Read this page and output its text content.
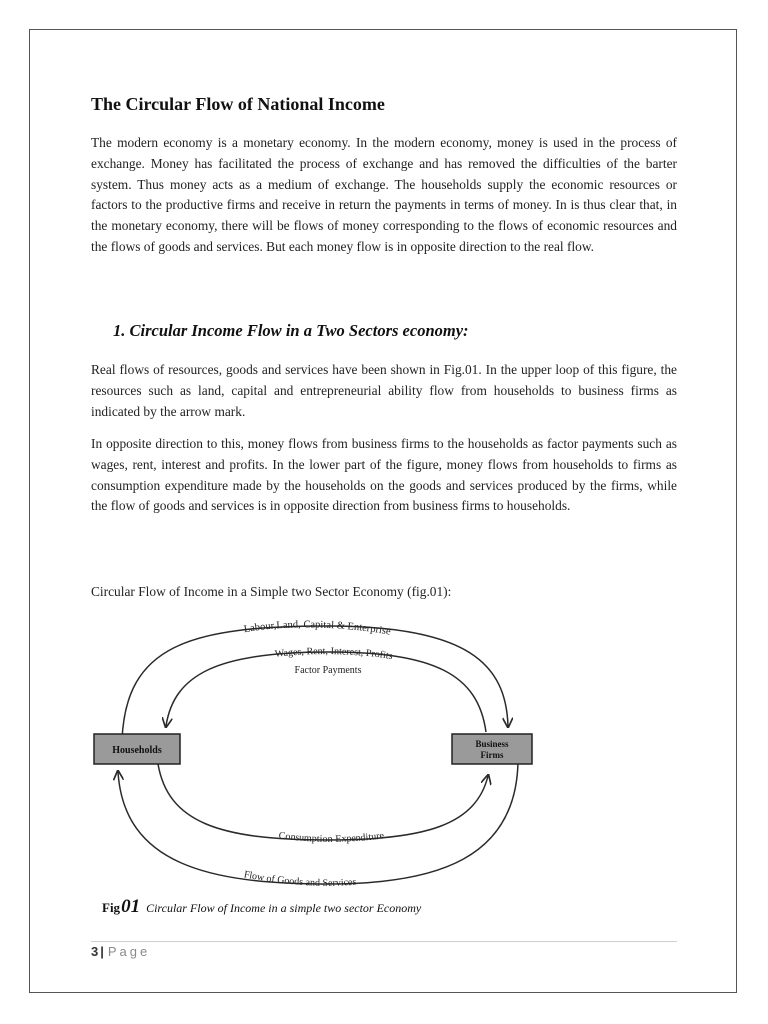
The Circular Flow of National Income

The modern economy is a monetary economy. In the modern economy, money is used in the process of exchange. Money has facilitated the process of exchange and has removed the difficulties of the barter system. Thus money acts as a medium of exchange. The households supply the economic resources or factors to the productive firms and receive in return the payments in terms of money. In is thus clear that, in the monetary economy, there will be flows of money corresponding to the flows of economic resources and the flows of goods and services. But each money flow is in opposite direction to the real flow.

1. Circular Income Flow in a Two Sectors economy:

Real flows of resources, goods and services have been shown in Fig.01. In the upper loop of this figure, the resources such as land, capital and entrepreneurial ability flow from households to business firms as indicated by the arrow mark.

In opposite direction to this, money flows from business firms to the households as factor payments such as wages, rent, interest and profits. In the lower part of the figure, money flows from households to firms as consumption expenditure made by the households on the goods and services produced by the firms, while the flow of goods and services is in opposite direction from business firms to households.

Circular Flow of Income in a Simple two Sector Economy (fig.01):

Labour,Land, Capital & Enterprise
Wages, Rent, Interest, Profits
Factor Payments
Consumption Expenditure
Flow of Goods and Services
Households
Business
Firms
Fig01 Circular Flow of Income in a simple two sector Economy
3 | Page
